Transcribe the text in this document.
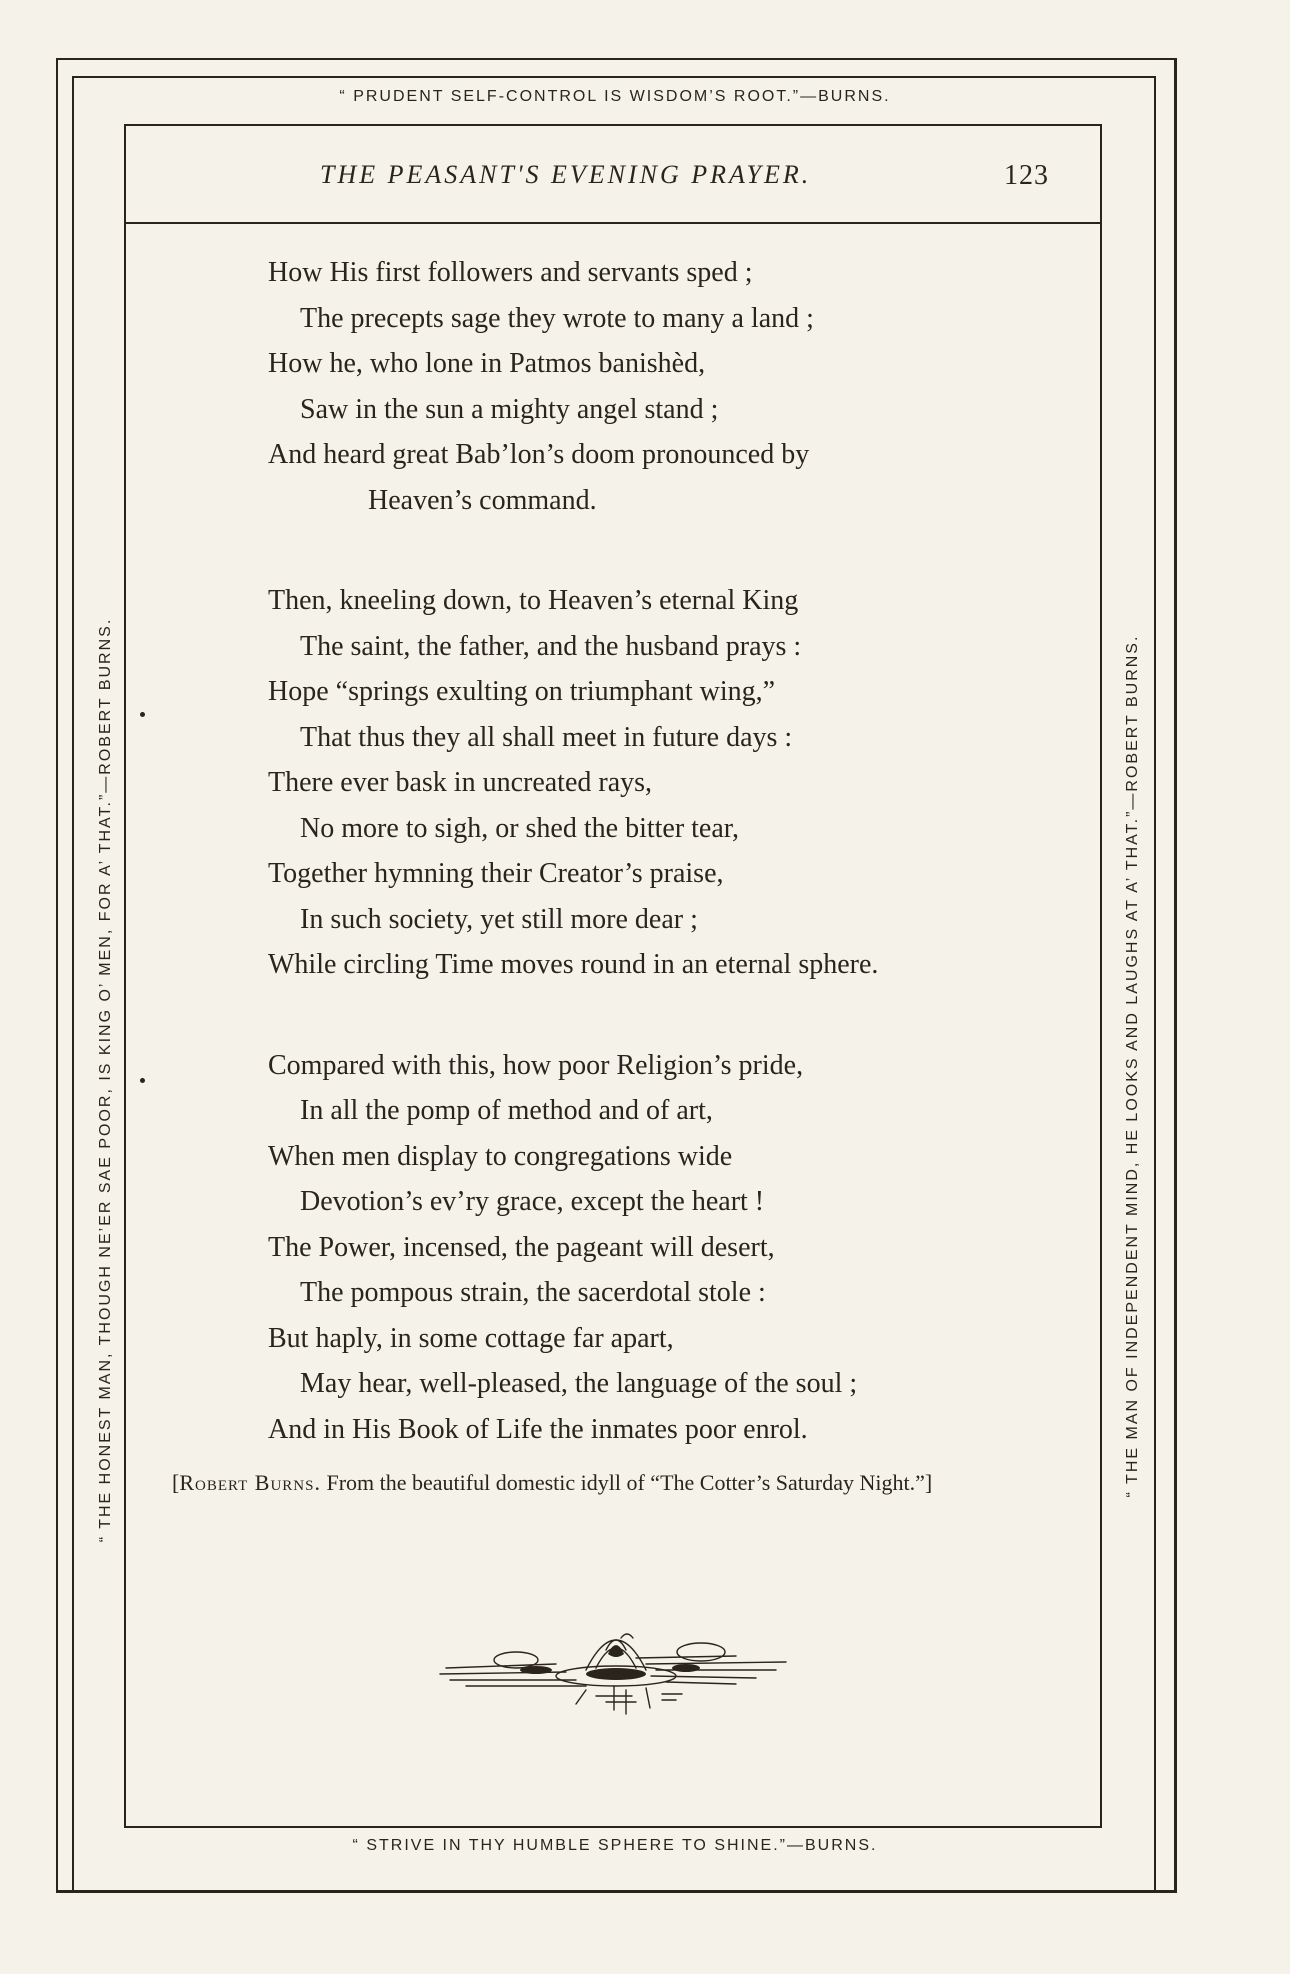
“ PRUDENT SELF-CONTROL IS WISDOM’S ROOT.”—BURNS.
“ STRIVE IN THY HUMBLE SPHERE TO SHINE.”—BURNS.
“ THE HONEST MAN, THOUGH NE’ER SAE POOR, IS KING O’ MEN, FOR A’ THAT.”—ROBERT BURNS.	“ THE MAN OF INDEPENDENT MIND, HE LOOKS AND LAUGHS AT A’ THAT.”—ROBERT BURNS.
THE PEASANT'S EVENING PRAYER.	123
How His first followers and servants sped ;
The precepts sage they wrote to many a land ;
How he, who lone in Patmos banishèd,
Saw in the sun a mighty angel stand ;
And heard great Bab’lon’s doom pronounced by
Heaven’s command.
Then, kneeling down, to Heaven’s eternal King
The saint, the father, and the husband prays :
Hope “springs exulting on triumphant wing,”
That thus they all shall meet in future days :
There ever bask in uncreated rays,
No more to sigh, or shed the bitter tear,
Together hymning their Creator’s praise,
In such society, yet still more dear ;
While circling Time moves round in an eternal sphere.
Compared with this, how poor Religion’s pride,
In all the pomp of method and of art,
When men display to congregations wide
Devotion’s ev’ry grace, except the heart !
The Power, incensed, the pageant will desert,
The pompous strain, the sacerdotal stole :
But haply, in some cottage far apart,
May hear, well-pleased, the language of the soul ;
And in His Book of Life the inmates poor enrol.
[Robert Burns. From the beautiful domestic idyll of “The Cotter’s Saturday Night.”]
